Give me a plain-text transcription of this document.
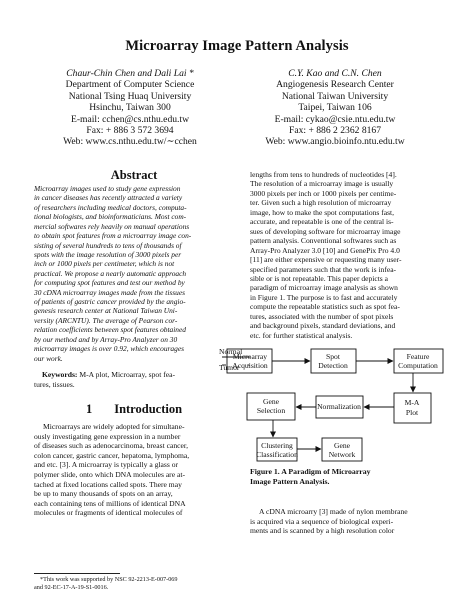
Microarray Image Pattern Analysis
Chaur-Chin Chen and Dali Lai *
Department of Computer Science
National Tsing Huaq University
Hsinchu, Taiwan 300
E-mail: cchen@cs.nthu.edu.tw
Fax: + 886 3 572 3694
Web: www.cs.nthu.edu.tw/∼cchen
C.Y. Kao and C.N. Chen
Angiogenesis Research Center
National Taiwan University
Taipei, Taiwan 106
E-mail: cykao@csie.ntu.edu.tw
Fax: + 886 2 2362 8167
Web: www.angio.bioinfo.ntu.edu.tw
Abstract

Microarray images used to study gene expression

in cancer diseases has recently attracted a variety

of researchers including medical doctors, computa-

tional biologists, and bioinformaticians. Most com-

mercial softwares rely heavily on manual operations

to obtain spot features from a microarray image con-

sisting of several hundreds to tens of thousands of

spots with the image resolution of 3000 pixels per

inch or 1000 pixels per centimeter, which is not

practical. We propose a nearly automatic approach

for computing spot features and test our method by

30 cDNA microarray images made from the tissues

of patients of gastric cancer provided by the angio-

genesis research center at National Taiwan Uni-

versity (ARCNTU). The average of Pearson cor-

relation coefficients between spot features obtained

by our method and by Array-Pro Analyzer on 30

microarray images is over 0.92, which encourages

our work.

Keywords: M-A plot, Microarray, spot fea-

tures, tissues.

1 Introduction

Microarrays are widely adopted for simultane-

ously investigating gene expression in a number

of diseases such as adenocarcinoma, breast cancer,

colon cancer, gastric cancer, hepatoma, lymphoma,

and etc. [3]. A microarray is typically a glass or

polymer slide, onto which DNA molecules are at-

tached at fixed locations called spots. There may

be up to many thousands of spots on an array,

each containing tens of millions of identical DNA

molecules or fragments of identical molecules of

*This work was supported by NSC 92-2213-E-007-069

and 92-EC-17-A-19-S1-0016.

lengths from tens to hundreds of nucleotides [4].

The resolution of a microarray image is usually

3000 pixels per inch or 1000 pixels per centime-

ter. Given such a high resolution of microarray

image, how to make the spot computations fast,

accurate, and repeatable is one of the central is-

sues of developing software for microarray image

pattern analysis. Conventional softwares such as

Array-Pro Analyzer 3.0 [10] and GenePix Pro 4.0

[11] are either expensive or requesting many user-

specified parameters such that the work is infea-

sible or is not repeatable. This paper depicts a

paradigm of microarray image analysis as shown

in Figure 1. The purpose is to fast and accurately

compute the repeatable statistics such as spot fea-

tures, associated with the number of spot pixels

and background pixels, standard deviations, and

etc. for further statistical analysis.

Normal
Tumor
Microarray
Acquisition
Spot
Detection
Feature
Computation
Gene
Selection	Normalization	M-A
Plot
Clustering
Classification
Gene
Network
Figure 1. A Paradigm of Microarray
Image Pattern Analysis.

A cDNA microarry [3] made of nylon membrane

is acquired via a sequence of biological experi-

ments and is scanned by a high resolution color
